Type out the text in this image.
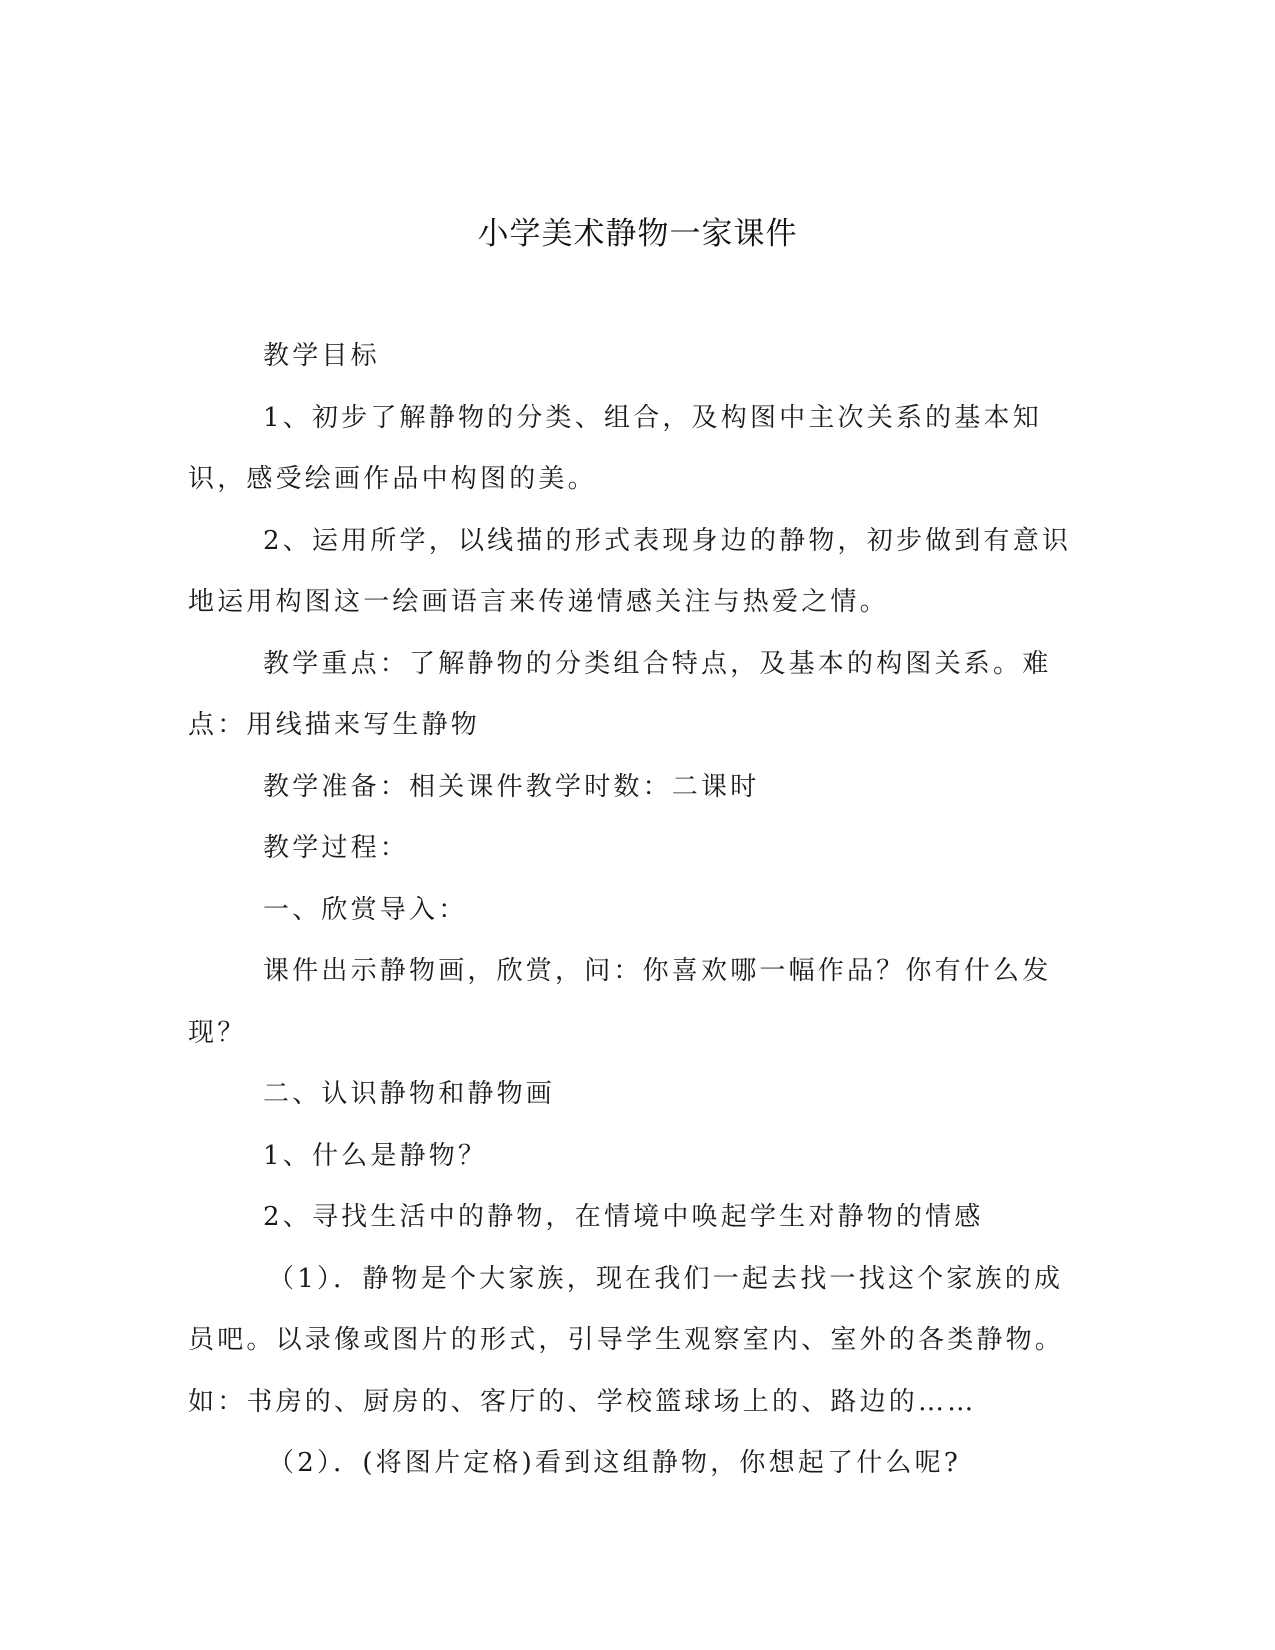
小学美术静物一家课件

教学目标

1、初步了解静物的分类、组合，及构图中主次关系的基本知识，感受绘画作品中构图的美。

2、运用所学，以线描的形式表现身边的静物，初步做到有意识地运用构图这一绘画语言来传递情感关注与热爱之情。

教学重点：了解静物的分类组合特点，及基本的构图关系。难点：用线描来写生静物

教学准备：相关课件教学时数：二课时

教学过程：

一、欣赏导入：

课件出示静物画，欣赏，问：你喜欢哪一幅作品？你有什么发现？

二、认识静物和静物画

1、什么是静物？

2、寻找生活中的静物，在情境中唤起学生对静物的情感

（1）．静物是个大家族，现在我们一起去找一找这个家族的成员吧。以录像或图片的形式，引导学生观察室内、室外的各类静物。如：书房的、厨房的、客厅的、学校篮球场上的、路边的……

（2）．(将图片定格)看到这组静物，你想起了什么呢?
